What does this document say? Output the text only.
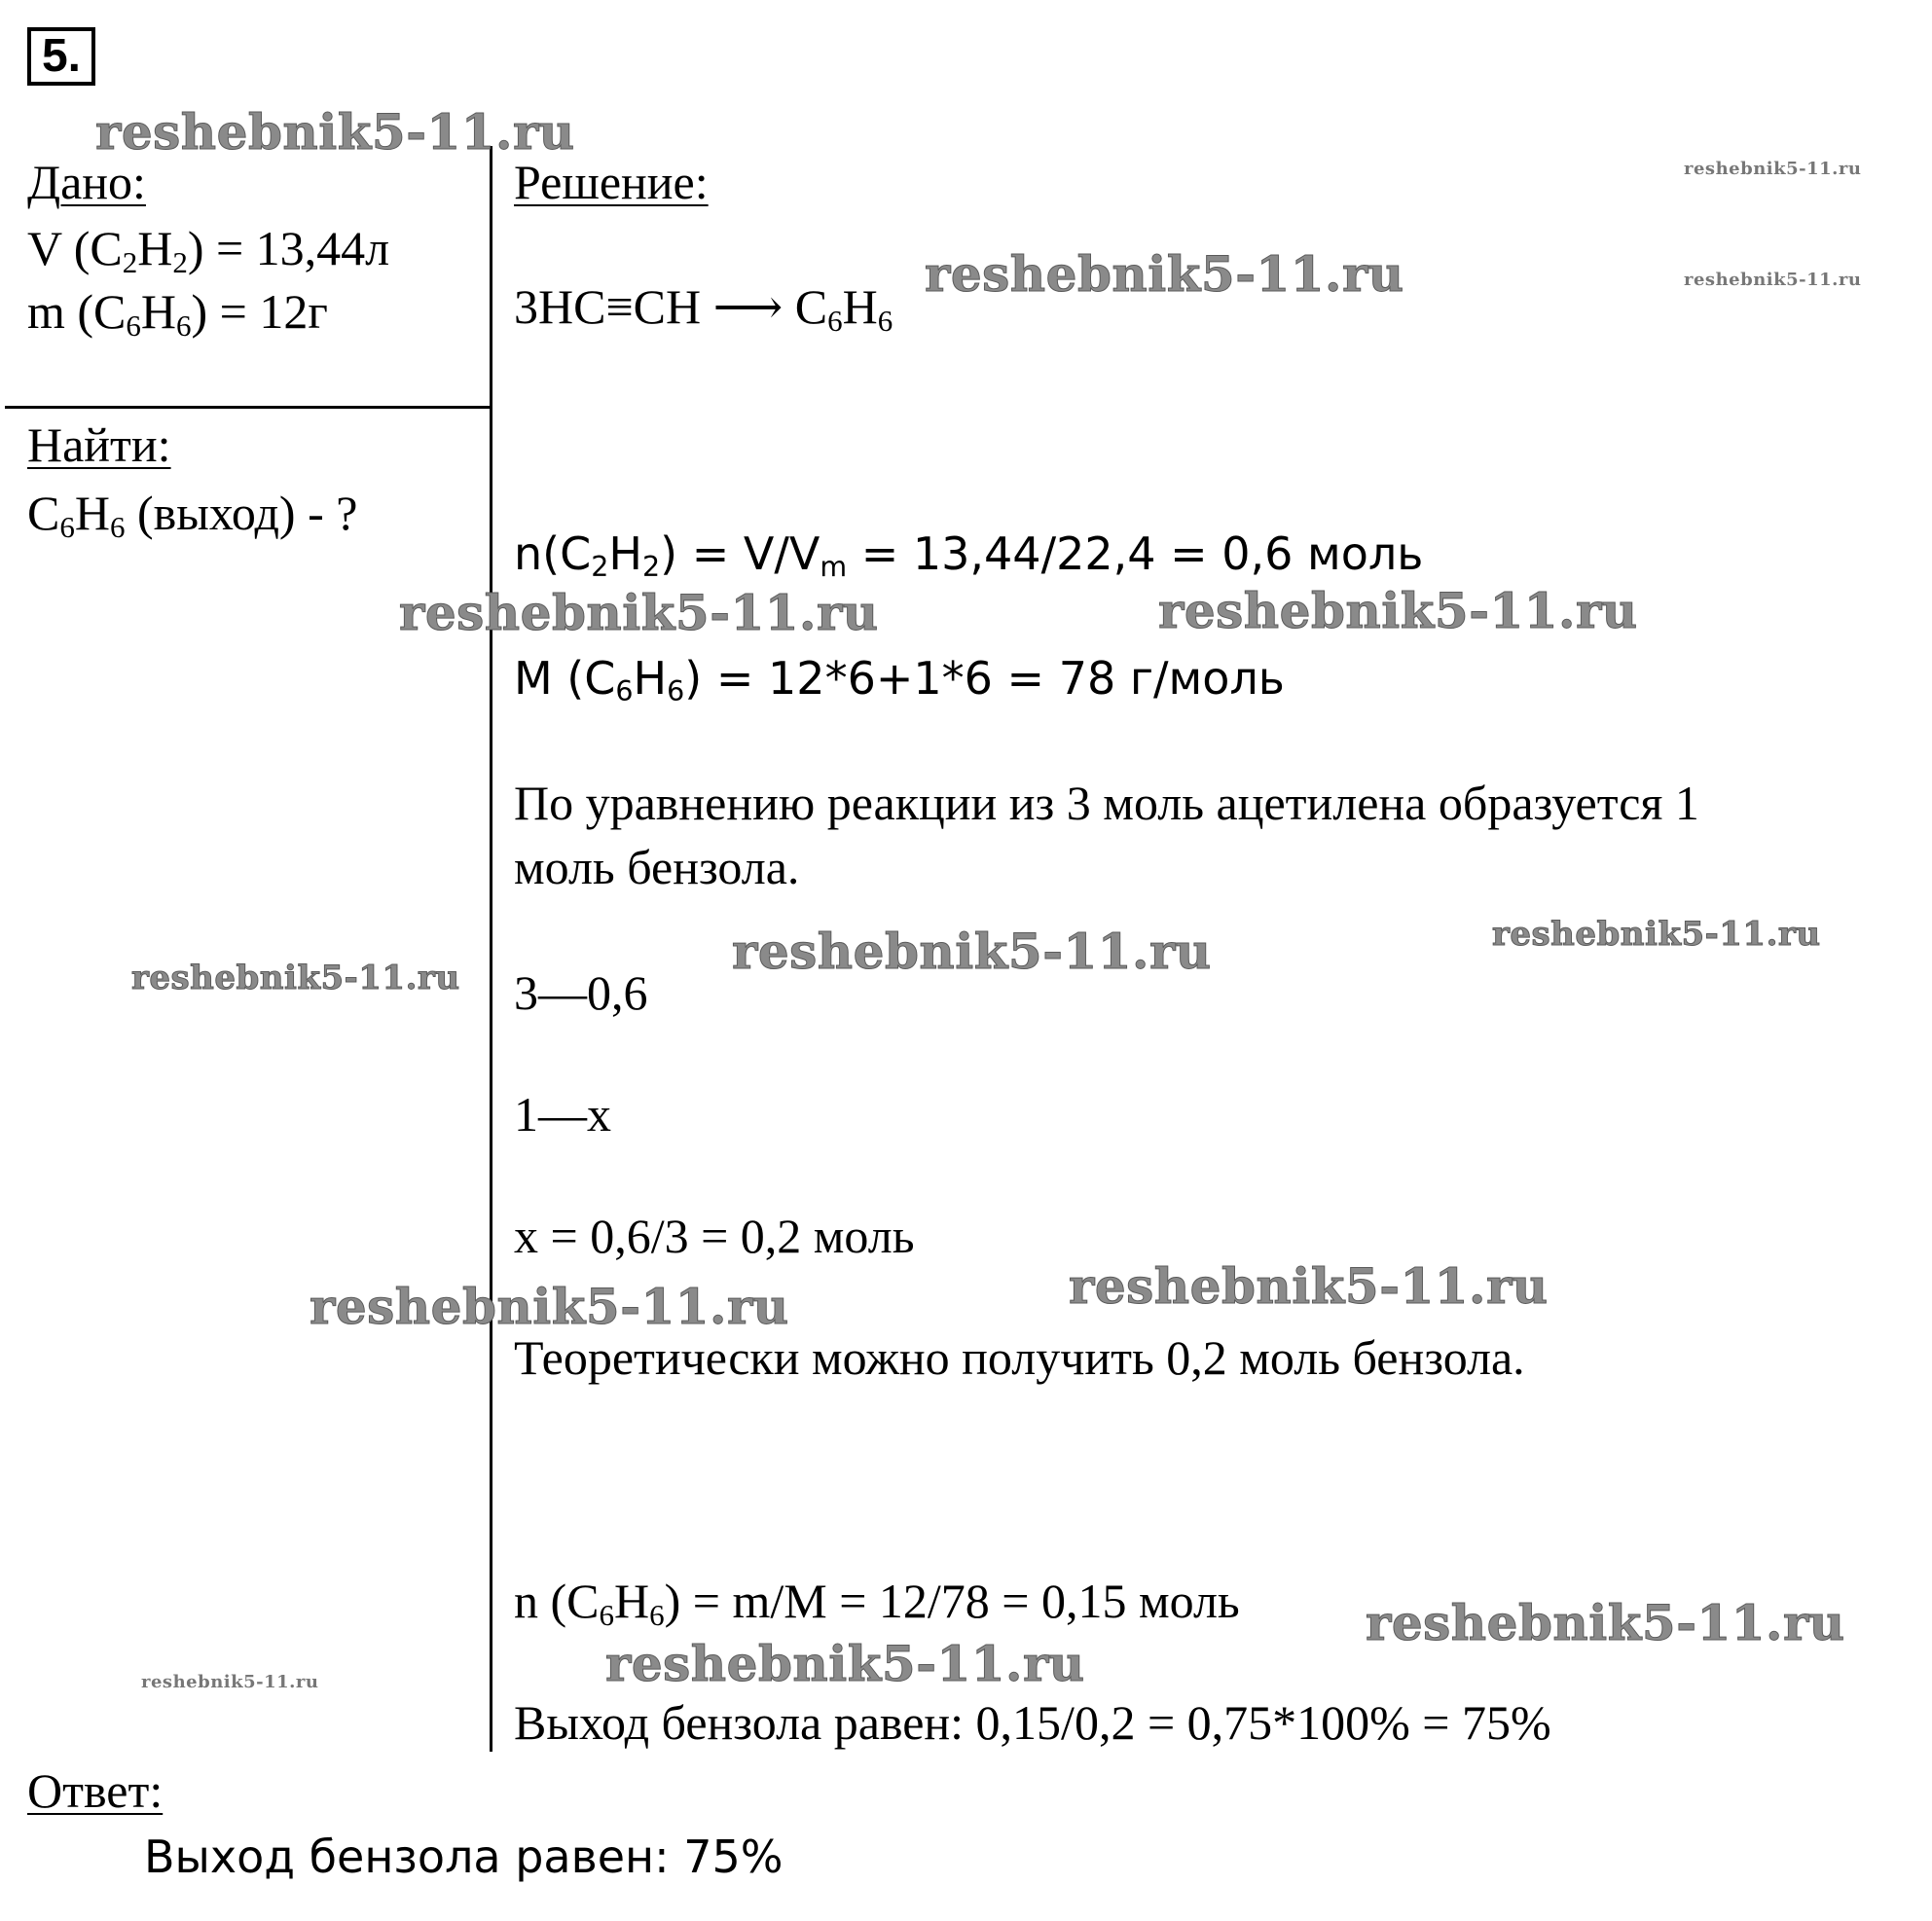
5.
Дано:
V $(C_2H_2) = 13,44л$
m $(C_6H_6) = 12г$
Найти:
$C_6H_6$ (выход) - ?
Решение:
3HC≡CH ⟶ $C_6H_6$
$n(C_2H_2) = V/V_m = 13,44/22,4 = 0,6$ моль
M $(C_6H_6) = 12*6+1*6 = 78$ г/моль
По уравнению реакции из 3 моль ацетилена образуется 1
моль бензола.
3—0,6
1—x
x = 0,6/3 = 0,2 моль
Теоретически можно получить 0,2 моль бензола.
n $(C_6H_6) = m/M = 12/78 = 0,15$ моль
Выход бензола равен: 0,15/0,2 = 0,75*100% = 75%
Ответ:
Выход бензола равен: 75%
reshebnik5-11.ru
reshebnik5-11.ru
reshebnik5-11.ru	reshebnik5-11.ru
reshebnik5-11.ru	reshebnik5-11.ru
reshebnik5-11.ru	reshebnik5-11.ru
reshebnik5-11.ru
reshebnik5-11.ru
reshebnik5-11.ru
reshebnik5-11.ru
reshebnik5-11.ru
reshebnik5-11.ru
